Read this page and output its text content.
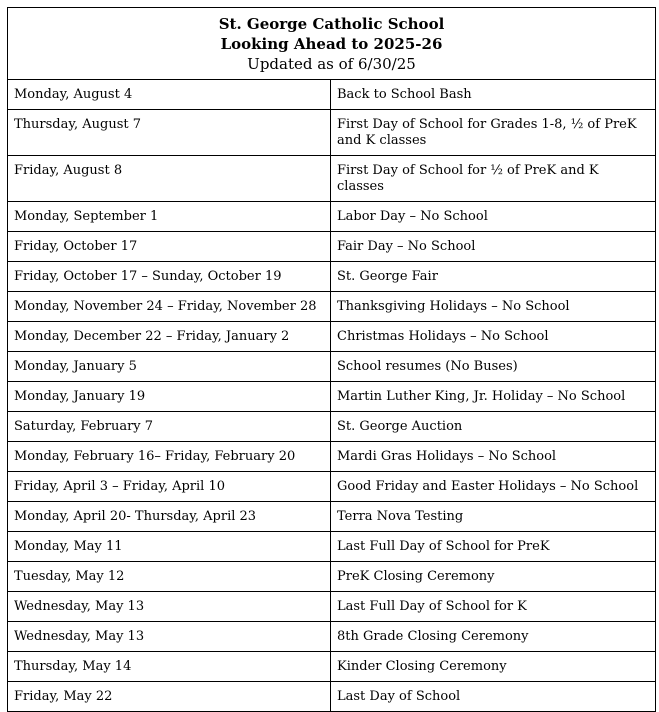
St. George Catholic School
Looking Ahead to 2025-26
Updated as of 6/30/25	

Monday, August 4	Back to School Bash
Thursday, August 7	First Day of School for Grades 1-8, ½ of PreK and K classes
Friday, August 8	First Day of School for ½ of PreK and K classes
Monday, September 1	Labor Day – No School
Friday, October 17	Fair Day – No School
Friday, October 17 – Sunday, October 19	St. George Fair
Monday, November 24 – Friday, November 28	Thanksgiving Holidays – No School
Monday, December 22 – Friday, January 2	Christmas Holidays – No School
Monday, January 5	School resumes (No Buses)
Monday, January 19	Martin Luther King, Jr. Holiday – No School
Saturday, February 7	St. George Auction
Monday, February 16– Friday, February 20	Mardi Gras Holidays – No School
Friday, April 3 – Friday, April 10	Good Friday and Easter Holidays – No School
Monday, April 20- Thursday, April 23	Terra Nova Testing
Monday, May 11	Last Full Day of School for PreK
Tuesday, May 12	PreK Closing Ceremony
Wednesday, May 13	Last Full Day of School for K
Wednesday, May 13	8th Grade Closing Ceremony
Thursday, May 14	Kinder Closing Ceremony
Friday, May 22	Last Day of School
